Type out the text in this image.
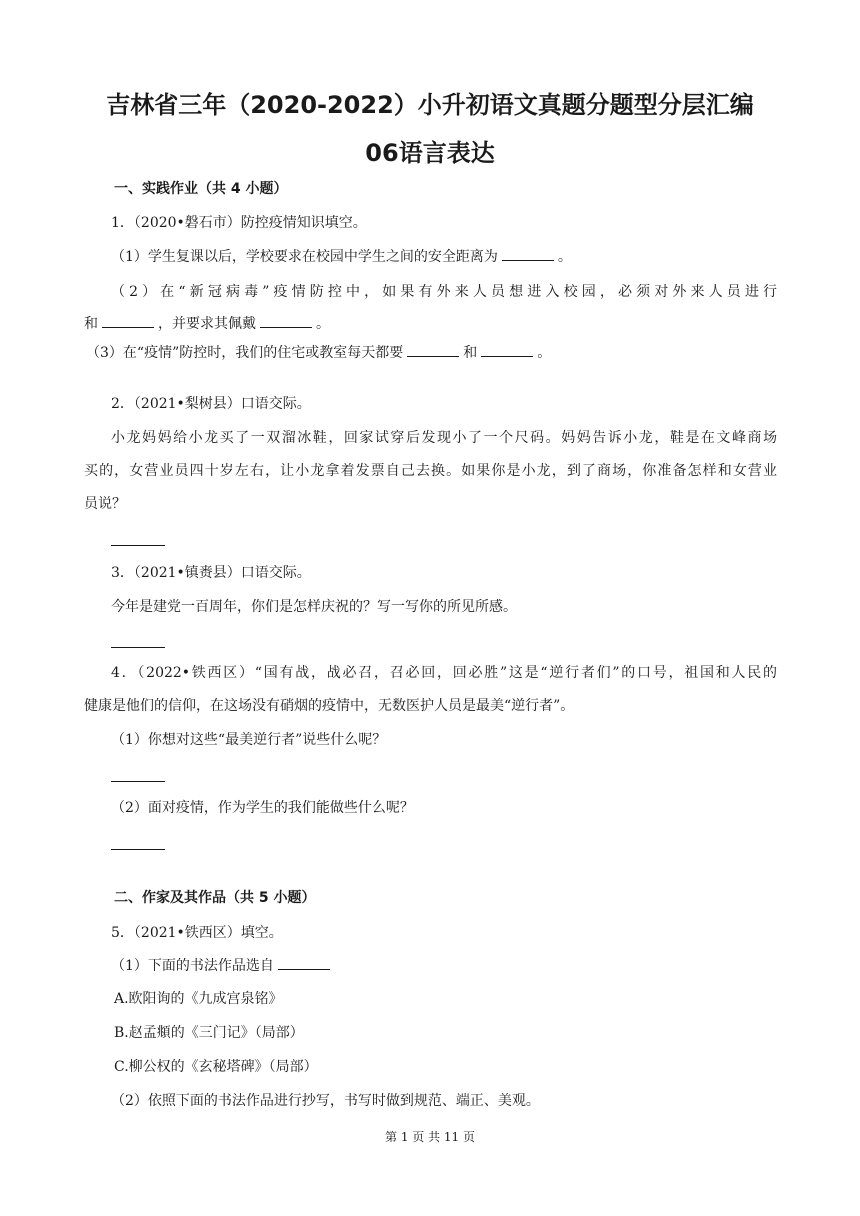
吉林省三年（2020-2022）小升初语文真题分题型分层汇编
06语言表达
一、实践作业（共 4 小题）
1．（2020•磐石市）防控疫情知识填空。
（1）学生复课以后，学校要求在校园中学生之间的安全距离为	。
（2）在“新冠病毒”疫情防控中，如果有外来人员想进入校园，必须对外来人员进行
和	，并要求其佩戴	。
（3）在“疫情”防控时，我们的住宅或教室每天都要	和	。
2．（2021•梨树县）口语交际。
小龙妈妈给小龙买了一双溜冰鞋，回家试穿后发现小了一个尺码。妈妈告诉小龙，鞋是在文峰商场
买的，女营业员四十岁左右，让小龙拿着发票自己去换。如果你是小龙，到了商场，你准备怎样和女营业
员说？
3．（2021•镇赉县）口语交际。
今年是建党一百周年，你们是怎样庆祝的？写一写你的所见所感。
4．（2022•铁西区）“国有战，战必召，召必回，回必胜”这是“逆行者们”的口号，祖国和人民的
健康是他们的信仰，在这场没有硝烟的疫情中，无数医护人员是最美“逆行者”。
（1）你想对这些“最美逆行者”说些什么呢？
（2）面对疫情，作为学生的我们能做些什么呢？
二、作家及其作品（共 5 小题）
5．（2021•铁西区）填空。
（1）下面的书法作品选自
A.欧阳询的《九成宫泉铭》
B.赵孟頫的《三门记》（局部）
C.柳公权的《玄秘塔碑》（局部）
（2）依照下面的书法作品进行抄写，书写时做到规范、端正、美观。
第 1 页 共 11 页
